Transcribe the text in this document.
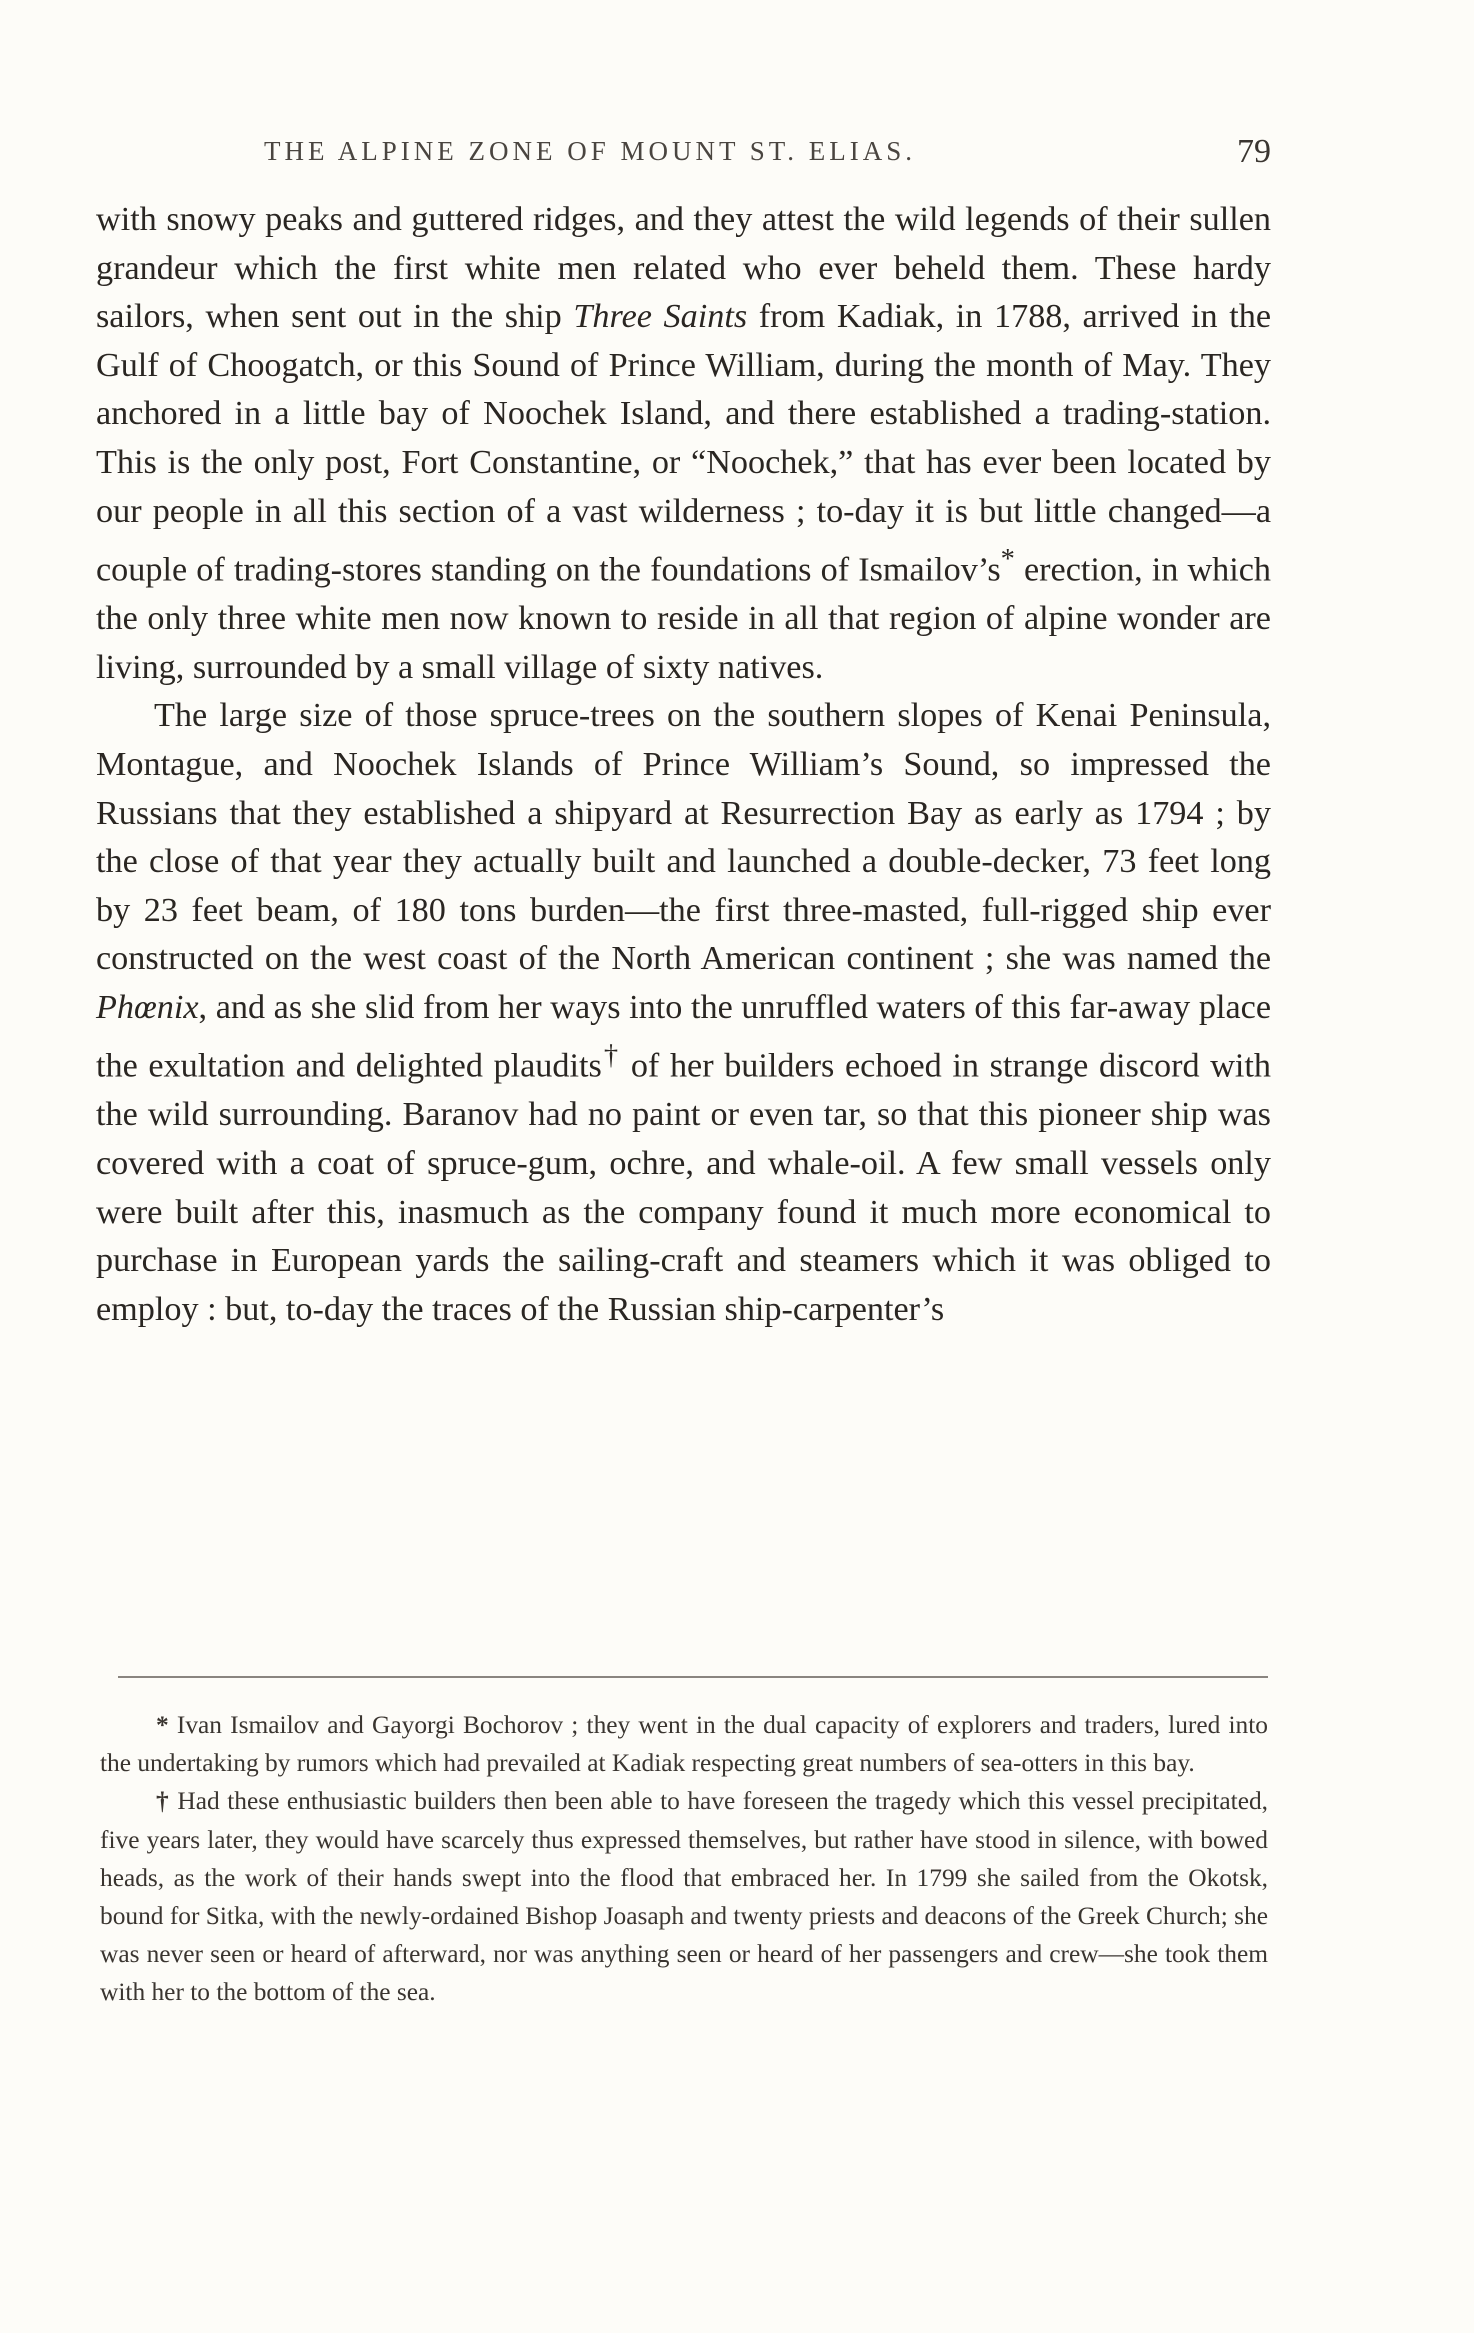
THE ALPINE ZONE OF MOUNT ST. ELIAS.	79

with snowy peaks and guttered ridges, and they attest the wild legends of their sullen grandeur which the first white men related who ever beheld them. These hardy sailors, when sent out in the ship Three Saints from Kadiak, in 1788, arrived in the Gulf of Choogatch, or this Sound of Prince William, during the month of May. They anchored in a little bay of Noochek Island, and there established a trading-station. This is the only post, Fort Constantine, or “Noochek,” that has ever been located by our people in all this section of a vast wilderness ; to-day it is but little changed—a couple of trading-stores standing on the foundations of Ismailov’s* erection, in which the only three white men now known to reside in all that region of alpine wonder are living, surrounded by a small village of sixty natives.

The large size of those spruce-trees on the southern slopes of Kenai Peninsula, Montague, and Noochek Islands of Prince William’s Sound, so impressed the Russians that they established a shipyard at Resurrection Bay as early as 1794 ; by the close of that year they actually built and launched a double-decker, 73 feet long by 23 feet beam, of 180 tons burden—the first three-masted, full-rigged ship ever constructed on the west coast of the North American continent ; she was named the Phœnix, and as she slid from her ways into the unruffled waters of this far-away place the exultation and delighted plaudits† of her builders echoed in strange discord with the wild surrounding. Baranov had no paint or even tar, so that this pioneer ship was covered with a coat of spruce-gum, ochre, and whale-oil. A few small vessels only were built after this, inasmuch as the company found it much more economical to purchase in European yards the sailing-craft and steamers which it was obliged to employ : but, to-day the traces of the Russian ship-carpenter’s

* Ivan Ismailov and Gayorgi Bochorov ; they went in the dual capacity of explorers and traders, lured into the undertaking by rumors which had prevailed at Kadiak respecting great numbers of sea-otters in this bay.

† Had these enthusiastic builders then been able to have foreseen the tragedy which this vessel precipitated, five years later, they would have scarcely thus expressed themselves, but rather have stood in silence, with bowed heads, as the work of their hands swept into the flood that embraced her. In 1799 she sailed from the Okotsk, bound for Sitka, with the newly-ordained Bishop Joasaph and twenty priests and deacons of the Greek Church; she was never seen or heard of afterward, nor was anything seen or heard of her passengers and crew—she took them with her to the bottom of the sea.
